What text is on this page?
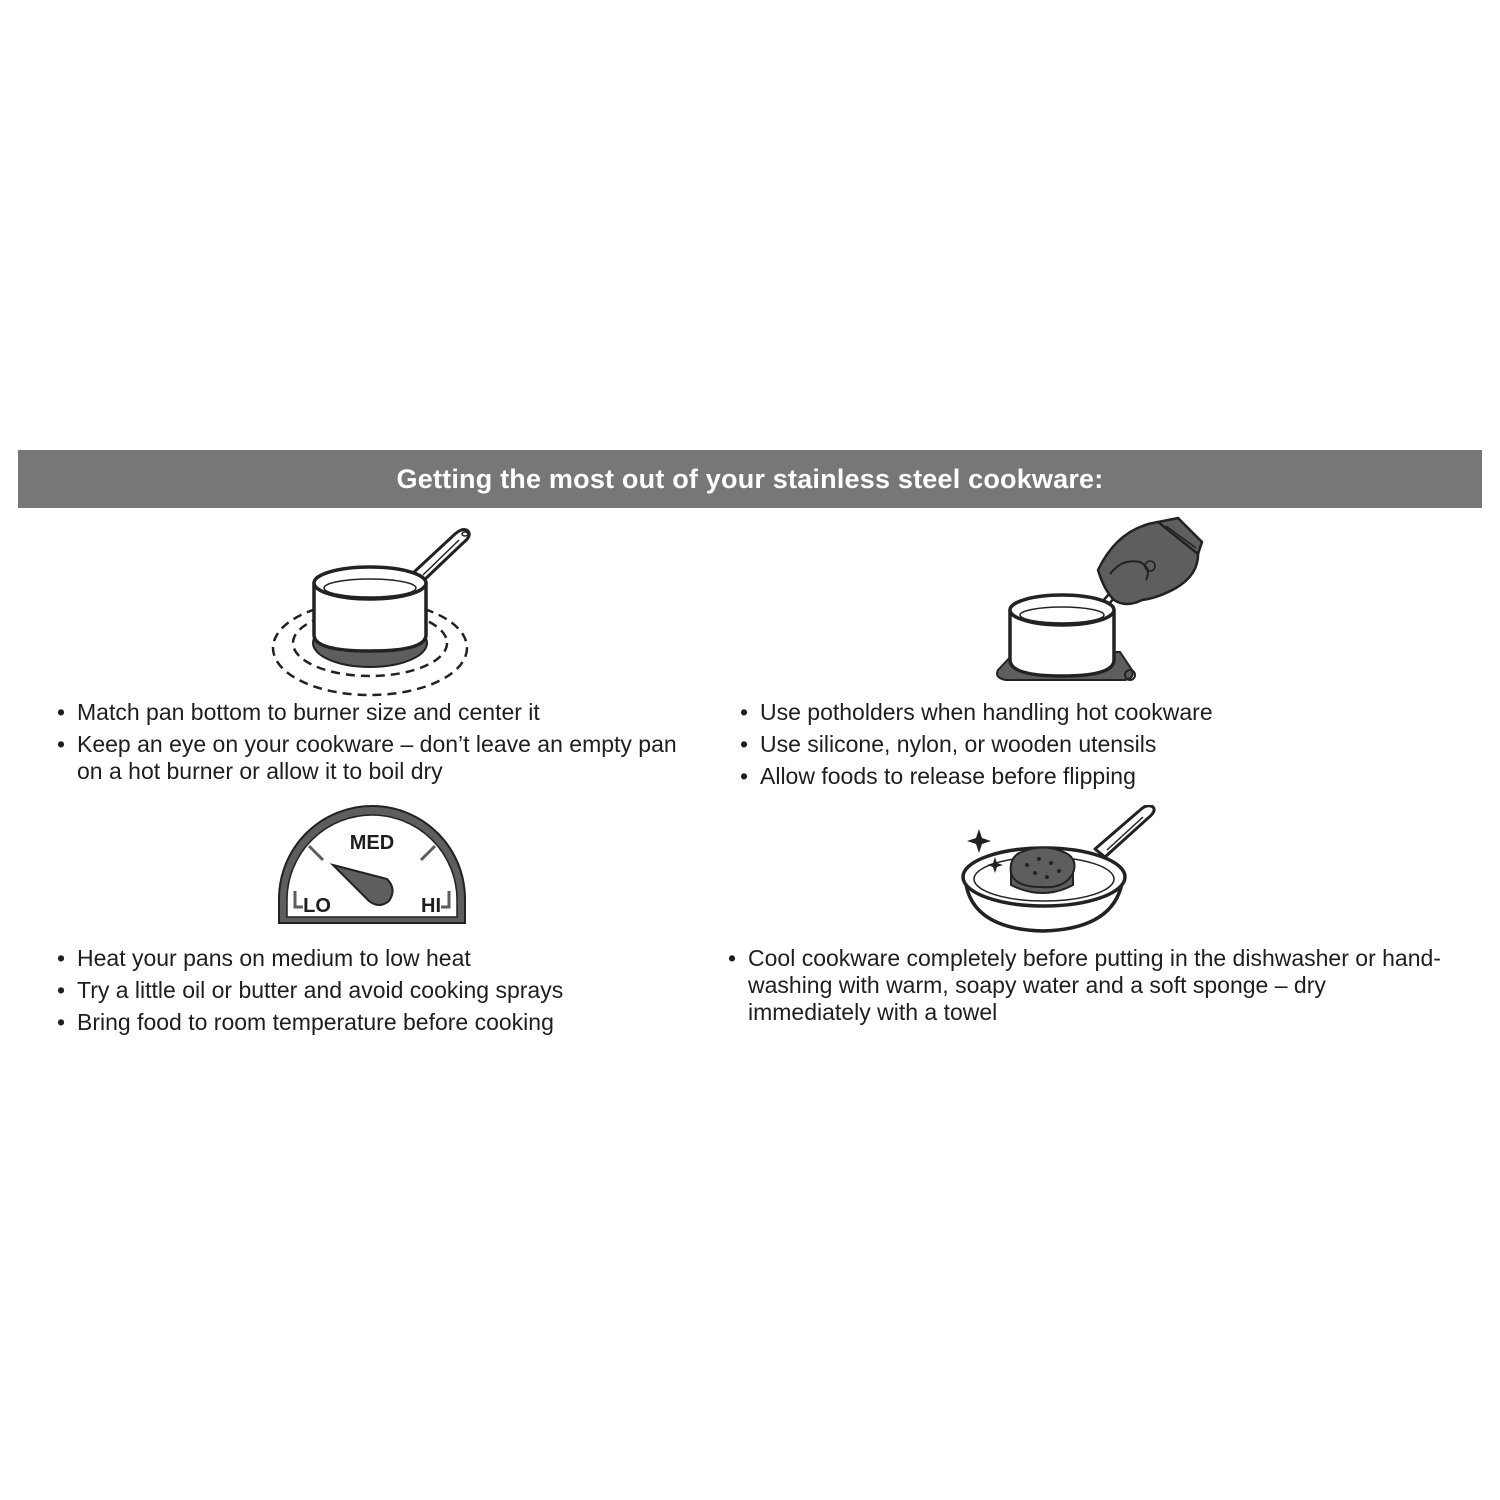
Getting the most out of your stainless steel cookware:
MED
LO	HI
• Match pan bottom to burner size and center it
• Keep an eye on your cookware – don’t leave an empty pan on a hot burner or allow it to boil dry
• Use potholders when handling hot cookware
• Use silicone, nylon, or wooden utensils
• Allow foods to release before flipping
• Heat your pans on medium to low heat
• Try a little oil or butter and avoid cooking sprays
• Bring food to room temperature before cooking
• Cool cookware completely before putting in the dishwasher or hand-washing with warm, soapy water and a soft sponge – dry immediately with a towel
